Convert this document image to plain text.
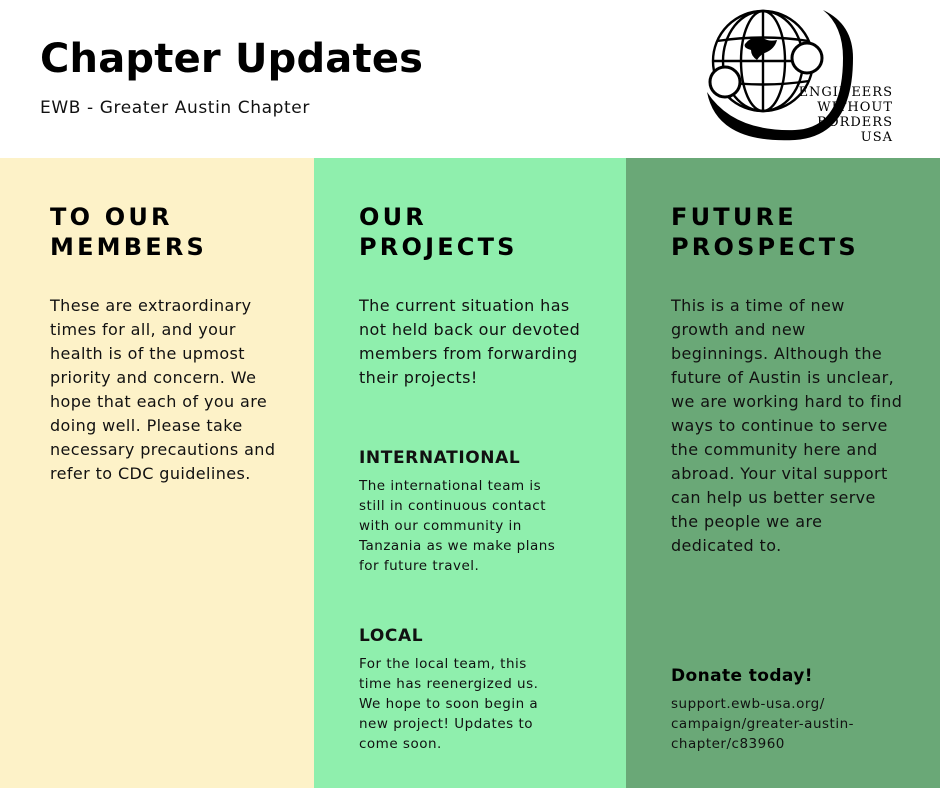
Chapter Updates

EWB - Greater Austin Chapter

ENGINEERS
WITHOUT
BORDERS
USA
TO OUR
MEMBERS

These are extraordinary times for all, and your health is of the upmost priority and concern. We hope that each of you are doing well. Please take necessary precautions and refer to CDC guidelines.

OUR
PROJECTS

The current situation has not held back our devoted members from forwarding their projects!

INTERNATIONAL

The international team is still in continuous contact with our community in Tanzania as we make plans for future travel.

LOCAL

For the local team, this time has reenergized us. We hope to soon begin a new project! Updates to come soon.

FUTURE
PROSPECTS

This is a time of new growth and new beginnings. Although the future of Austin is unclear, we are working hard to find ways to continue to serve the community here and abroad. Your vital support can help us better serve the people we are dedicated to.

Donate today!

support.ewb-usa.org/ campaign/greater-austin-chapter/c83960
